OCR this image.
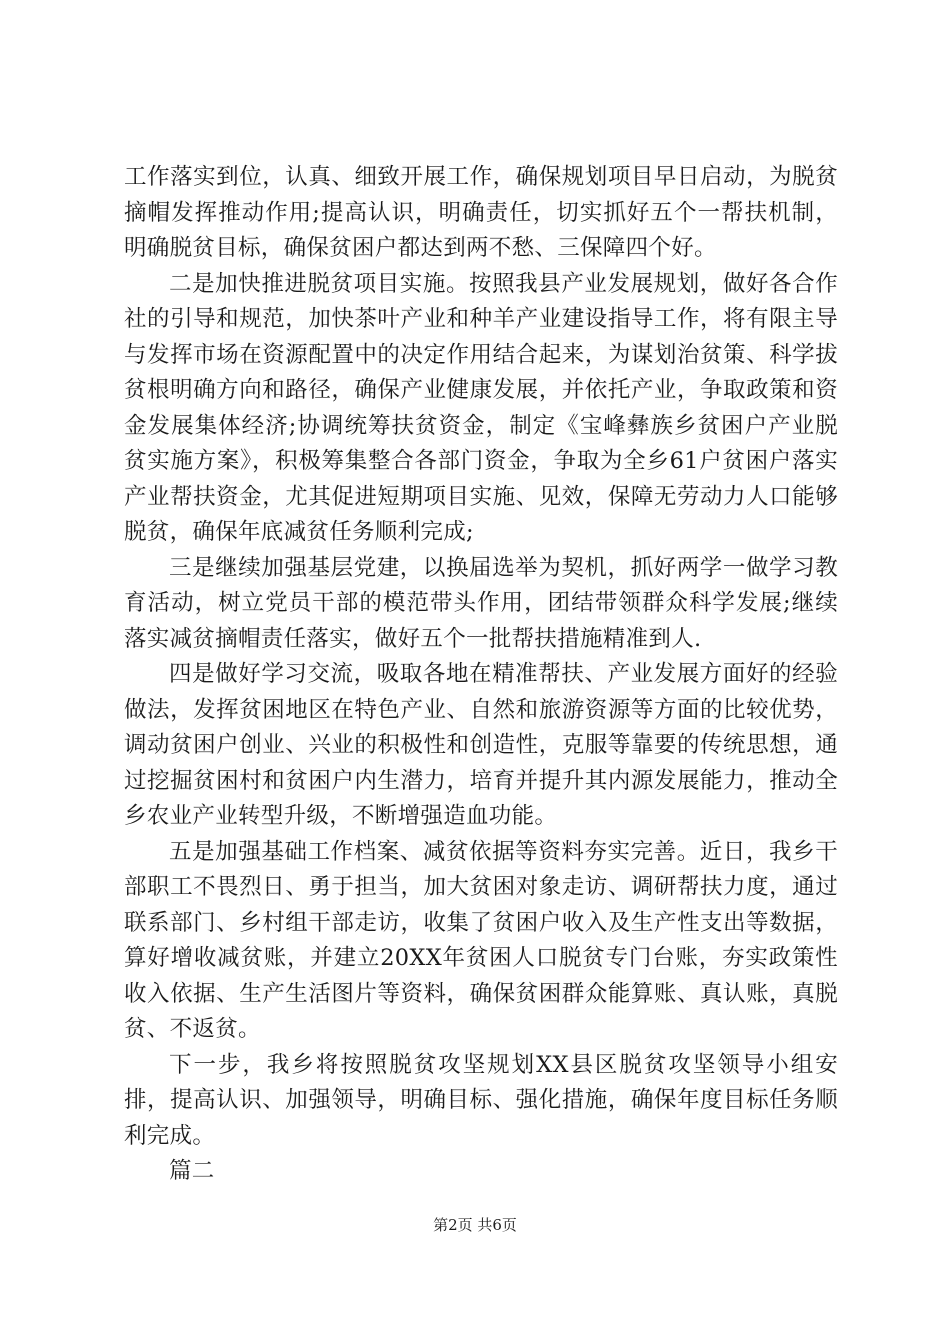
工作落实到位，认真、细致开展工作，确保规划项目早日启动，为脱贫摘帽发挥推动作用;提高认识，明确责任，切实抓好五个一帮扶机制，明确脱贫目标，确保贫困户都达到两不愁、三保障四个好。

二是加快推进脱贫项目实施。按照我县产业发展规划，做好各合作社的引导和规范，加快茶叶产业和种羊产业建设指导工作，将有限主导与发挥市场在资源配置中的决定作用结合起来，为谋划治贫策、科学拔贫根明确方向和路径，确保产业健康发展，并依托产业，争取政策和资金发展集体经济;协调统筹扶贫资金，制定《宝峰彝族乡贫困户产业脱贫实施方案》，积极筹集整合各部门资金，争取为全乡61户贫困户落实产业帮扶资金，尤其促进短期项目实施、见效，保障无劳动力人口能够脱贫，确保年底减贫任务顺利完成;

三是继续加强基层党建，以换届选举为契机，抓好两学一做学习教育活动，树立党员干部的模范带头作用，团结带领群众科学发展;继续落实减贫摘帽责任落实，做好五个一批帮扶措施精准到人.

四是做好学习交流，吸取各地在精准帮扶、产业发展方面好的经验做法，发挥贫困地区在特色产业、自然和旅游资源等方面的比较优势，调动贫困户创业、兴业的积极性和创造性，克服等靠要的传统思想，通过挖掘贫困村和贫困户内生潜力，培育并提升其内源发展能力，推动全乡农业产业转型升级，不断增强造血功能。

五是加强基础工作档案、减贫依据等资料夯实完善。近日，我乡干部职工不畏烈日、勇于担当，加大贫困对象走访、调研帮扶力度，通过联系部门、乡村组干部走访，收集了贫困户收入及生产性支出等数据，算好增收减贫账，并建立20XX年贫困人口脱贫专门台账，夯实政策性收入依据、生产生活图片等资料，确保贫困群众能算账、真认账，真脱贫、不返贫。

下一步，我乡将按照脱贫攻坚规划XX县区脱贫攻坚领导小组安排，提高认识、加强领导，明确目标、强化措施，确保年度目标任务顺利完成。

篇二

第2页 共6页
